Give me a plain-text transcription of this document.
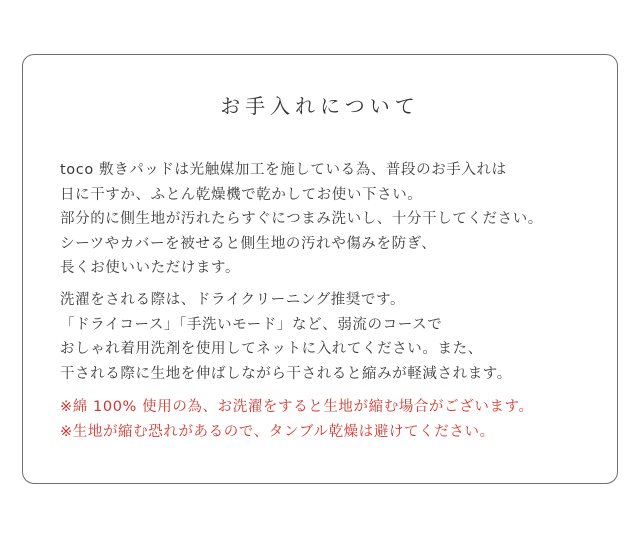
お手入れについて

toco 敷きパッドは光触媒加工を施している為、普段のお手入れは
日に干すか、ふとん乾燥機で乾かしてお使い下さい。
部分的に側生地が汚れたらすぐにつまみ洗いし、十分干してください。
シーツやカバーを被せると側生地の汚れや傷みを防ぎ、
長くお使いいただけます。

洗濯をされる際は、ドライクリーニング推奨です。
「ドライコース」「手洗いモード」など、弱流のコースで
おしゃれ着用洗剤を使用してネットに入れてください。また、
干される際に生地を伸ばしながら干されると縮みが軽減されます。

※綿 100% 使用の為、お洗濯をすると生地が縮む場合がございます。
※生地が縮む恐れがあるので、タンブル乾燥は避けてください。
